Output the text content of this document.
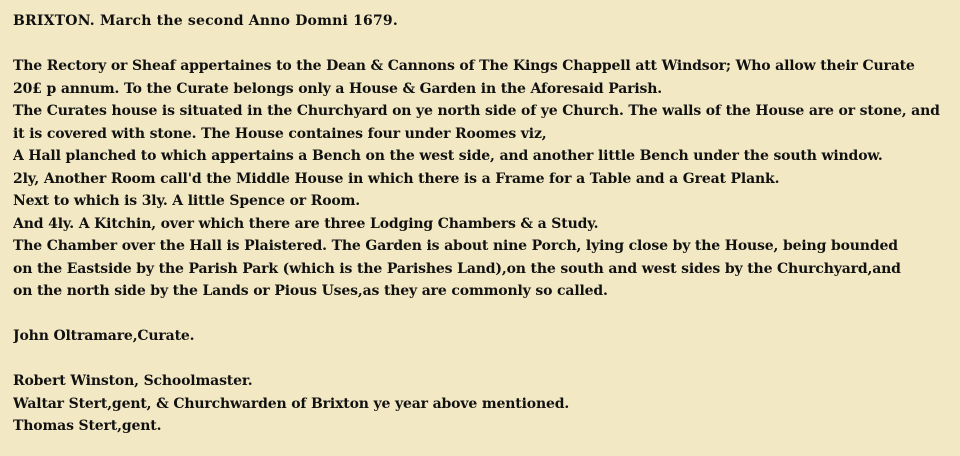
BRIXTON. March the second Anno Domni 1679.
The Rectory or Sheaf appertaines to the Dean & Cannons of The Kings Chappell att Windsor; Who allow their Curate
20£ p annum. To the Curate belongs only a House & Garden in the Aforesaid Parish.
The Curates house is situated in the Churchyard on ye north side of ye Church. The walls of the House are or stone, and
it is covered with stone. The House containes four under Roomes viz,
A Hall planched to which appertains a Bench on the west side, and another little Bench under the south window.
2ly, Another Room call'd the Middle House in which there is a Frame for a Table and a Great Plank.
Next to which is 3ly. A little Spence or Room.
And 4ly. A Kitchin, over which there are three Lodging Chambers & a Study.
The Chamber over the Hall is Plaistered. The Garden is about nine Porch, lying close by the House, being bounded
on the Eastside by the Parish Park (which is the Parishes Land),on the south and west sides by the Churchyard,and
on the north side by the Lands or Pious Uses,as they are commonly so called.
John Oltramare,Curate.
Robert Winston, Schoolmaster.
Waltar Stert,gent, & Churchwarden of Brixton ye year above mentioned.
Thomas Stert,gent.
